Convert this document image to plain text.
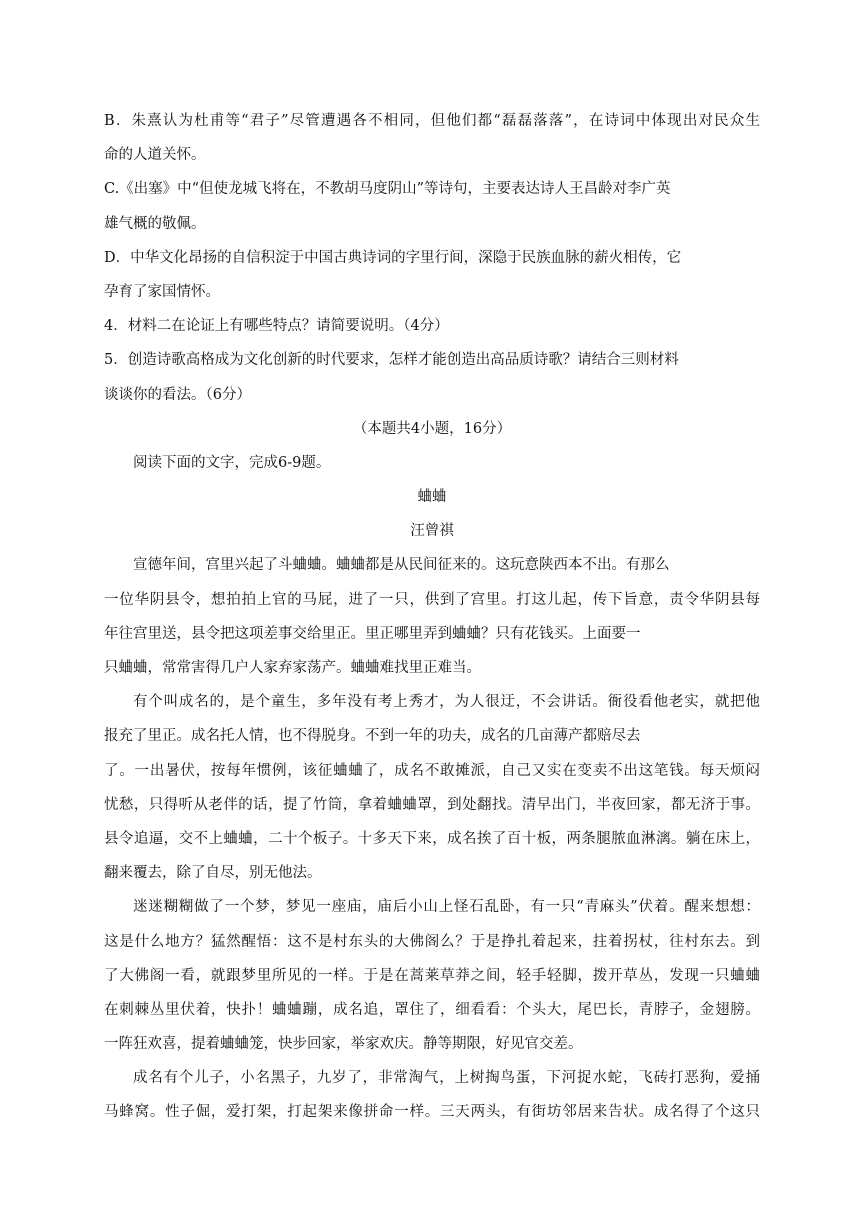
B．朱熹认为杜甫等“君子”尽管遭遇各不相同，但他们都“磊磊落落”，在诗词中体现出对民众生
命的人道关怀。
C.《出塞》中“但使龙城飞将在，不教胡马度阴山”等诗句，主要表达诗人王昌龄对李广英
雄气概的敬佩。
D．中华文化昂扬的自信积淀于中国古典诗词的字里行间，深隐于民族血脉的薪火相传，它
孕育了家国情怀。
4．材料二在论证上有哪些特点？请简要说明。（4分）
5．创造诗歌高格成为文化创新的时代要求，怎样才能创造出高品质诗歌？请结合三则材料
谈谈你的看法。（6分）
（本题共4小题，16分）
阅读下面的文字，完成6-9题。
蛐蛐
汪曾祺
宣德年间，宫里兴起了斗蛐蛐。蛐蛐都是从民间征来的。这玩意陕西本不出。有那么
一位华阴县令，想拍拍上官的马屁，进了一只，供到了宫里。打这儿起，传下旨意，责令华阴县每
年往宫里送，县令把这项差事交给里正。里正哪里弄到蛐蛐？只有花钱买。上面要一
只蛐蛐，常常害得几户人家弃家荡产。蛐蛐难找里正难当。
有个叫成名的，是个童生，多年没有考上秀才，为人很迂，不会讲话。衙役看他老实，就把他
报充了里正。成名托人情，也不得脱身。不到一年的功夫，成名的几亩薄产都赔尽去
了。一出暑伏，按每年惯例，该征蛐蛐了，成名不敢摊派，自己又实在变卖不出这笔钱。每天烦闷
忧愁，只得听从老伴的话，提了竹筒，拿着蛐蛐罩，到处翻找。清早出门，半夜回家，都无济于事。
县令追逼，交不上蛐蛐，二十个板子。十多天下来，成名挨了百十板，两条腿脓血淋漓。躺在床上，
翻来覆去，除了自尽，别无他法。
迷迷糊糊做了一个梦，梦见一座庙，庙后小山上怪石乱卧，有一只“青麻头”伏着。醒来想想：
这是什么地方？猛然醒悟：这不是村东头的大佛阁么？于是挣扎着起来，拄着拐杖，往村东去。到
了大佛阁一看，就跟梦里所见的一样。于是在蒿莱草莽之间，轻手轻脚，拨开草丛，发现一只蛐蛐
在刺棘丛里伏着，快扑！蛐蛐蹦，成名追，罩住了，细看看：个头大，尾巴长，青脖子，金翅膀。
一阵狂欢喜，提着蛐蛐笼，快步回家，举家欢庆。静等期限，好见官交差。
成名有个儿子，小名黑子，九岁了，非常淘气，上树掏鸟蛋，下河捉水蛇，飞砖打恶狗，爱捅
马蜂窝。性子倔，爱打架，打起架来像拼命一样。三天两头，有街坊邻居来告状。成名得了个这只
